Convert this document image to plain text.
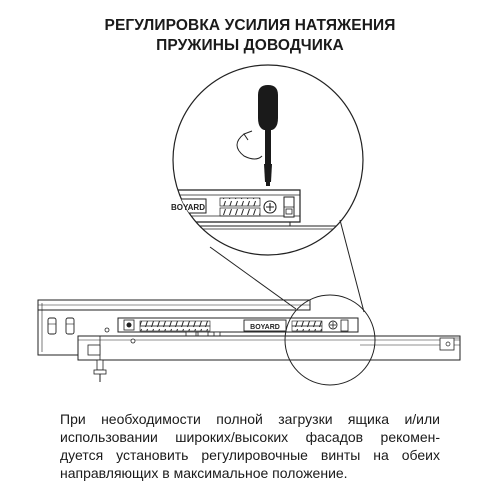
РЕГУЛИРОВКА УСИЛИЯ НАТЯЖЕНИЯ
ПРУЖИНЫ ДОВОДЧИКА
BOYARD
BOYARD
При необходимости полной загрузки ящика и/или
использовании широких/высоких фасадов рекомен-
дуется установить регулировочные винты на обеих
направляющих в максимальное положение.
